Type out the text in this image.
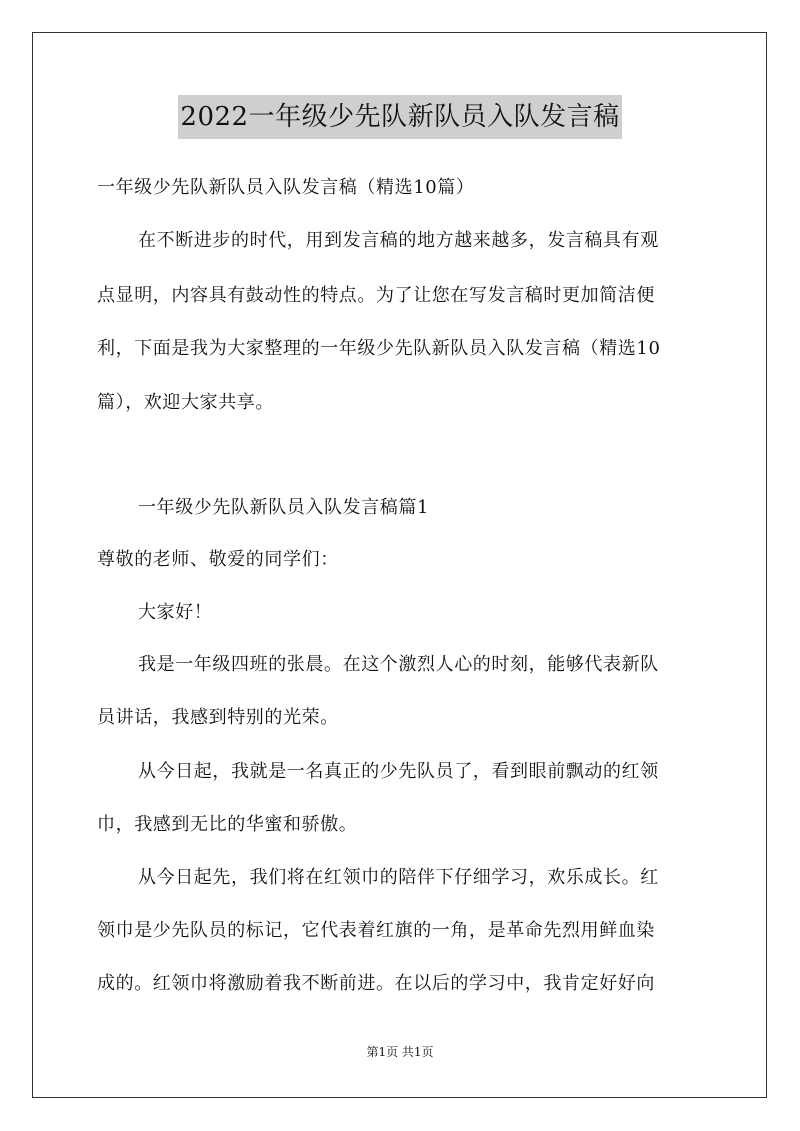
2022一年级少先队新队员入队发言稿
一年级少先队新队员入队发言稿（精选10篇）
在不断进步的时代，用到发言稿的地方越来越多，发言稿具有观
点显明，内容具有鼓动性的特点。为了让您在写发言稿时更加简洁便
利，下面是我为大家整理的一年级少先队新队员入队发言稿（精选10
篇），欢迎大家共享。
一年级少先队新队员入队发言稿篇1
尊敬的老师、敬爱的同学们：
大家好！
我是一年级四班的张晨。在这个激烈人心的时刻，能够代表新队
员讲话，我感到特别的光荣。
从今日起，我就是一名真正的少先队员了，看到眼前飘动的红领
巾，我感到无比的华蜜和骄傲。
从今日起先，我们将在红领巾的陪伴下仔细学习，欢乐成长。红
领巾是少先队员的标记，它代表着红旗的一角，是革命先烈用鲜血染
成的。红领巾将激励着我不断前进。在以后的学习中，我肯定好好向
第1页 共1页
